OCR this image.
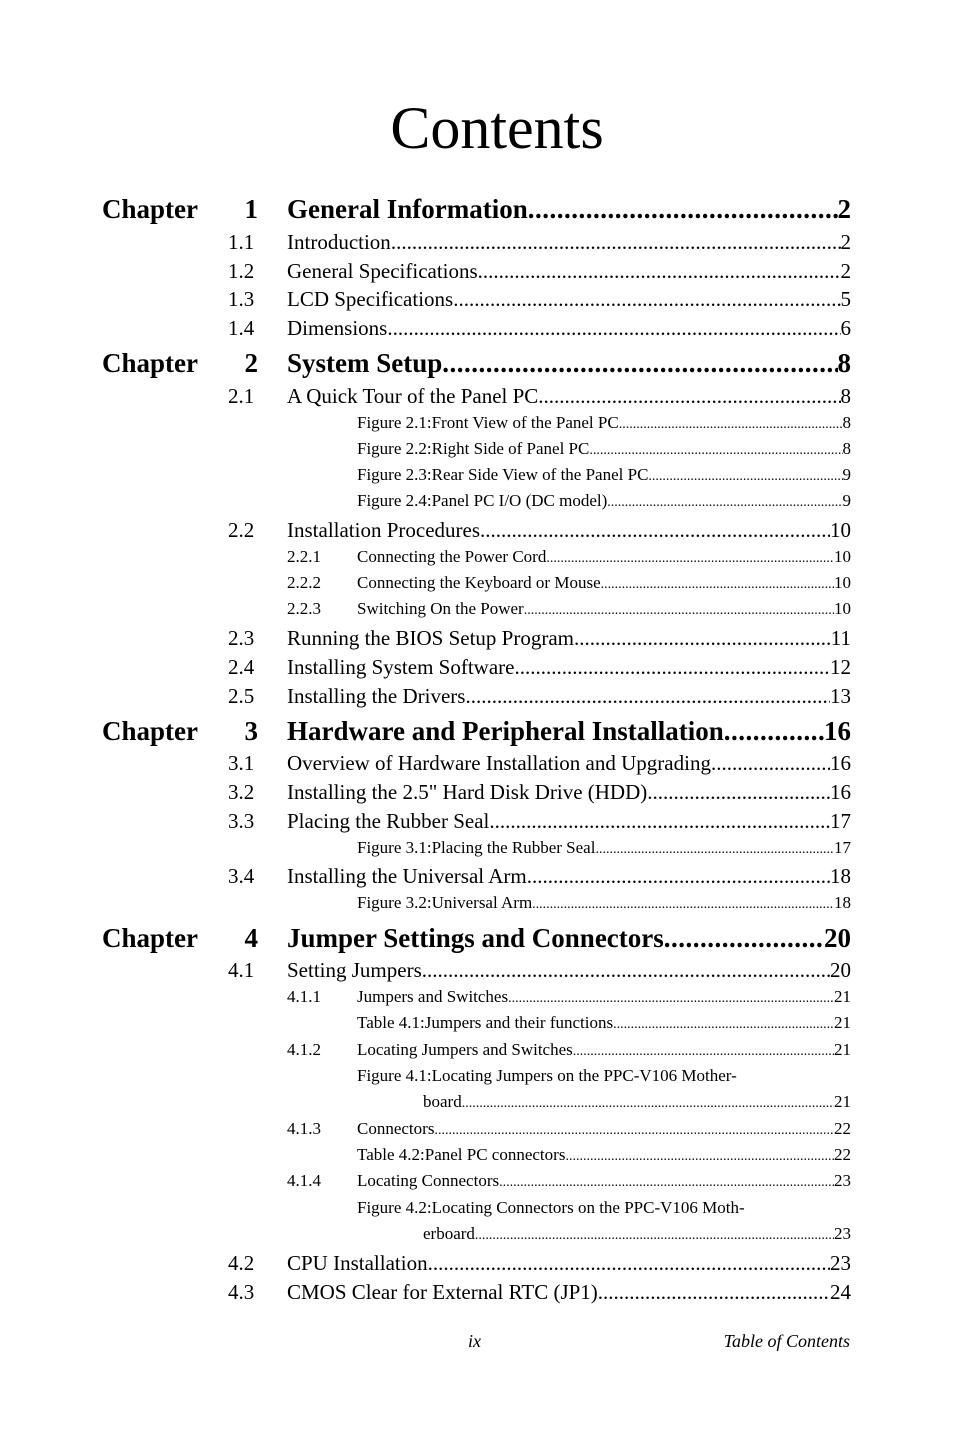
Contents
Chapter	1 General Information .....	2
1.1 Introduction .....	2
1.2 General Specifications .....	2
1.3 LCD Specifications .....	5
1.4 Dimensions .....	6
Chapter	2 System Setup .....	8
2.1 A Quick Tour of the Panel PC .....	8
Figure 2.1:Front View of the Panel PC .....	8
Figure 2.2:Right Side of Panel PC .....	8
Figure 2.3:Rear Side View of the Panel PC .....	9
Figure 2.4:Panel PC I/O (DC model) .....	9
2.2 Installation Procedures .....	10
2.2.1 Connecting the Power Cord .....	10
2.2.2 Connecting the Keyboard or Mouse .....	10
2.2.3 Switching On the Power .....	10
2.3 Running the BIOS Setup Program .....	11
2.4 Installing System Software .....	12
2.5 Installing the Drivers .....	13
Chapter	3 Hardware and Peripheral Installation .....	16
3.1 Overview of Hardware Installation and Upgrading .....	16
3.2 Installing the 2.5" Hard Disk Drive (HDD) .....	16
3.3 Placing the Rubber Seal .....	17
Figure 3.1:Placing the Rubber Seal .....	17
3.4 Installing the Universal Arm .....	18
Figure 3.2:Universal Arm .....	18
Chapter	4 Jumper Settings and Connectors .....	20
4.1 Setting Jumpers .....	20
4.1.1 Jumpers and Switches .....	21
Table 4.1:Jumpers and their functions .....	21
4.1.2 Locating Jumpers and Switches .....	21
Figure 4.1:Locating Jumpers on the PPC-V106 Mother-
board .....	21
4.1.3 Connectors .....	22
Table 4.2:Panel PC connectors .....	22
4.1.4 Locating Connectors .....	23
Figure 4.2:Locating Connectors on the PPC-V106 Moth-
erboard .....	23
4.2 CPU Installation .....	23
4.3 CMOS Clear for External RTC (JP1) .....	24
ix	Table of Contents
